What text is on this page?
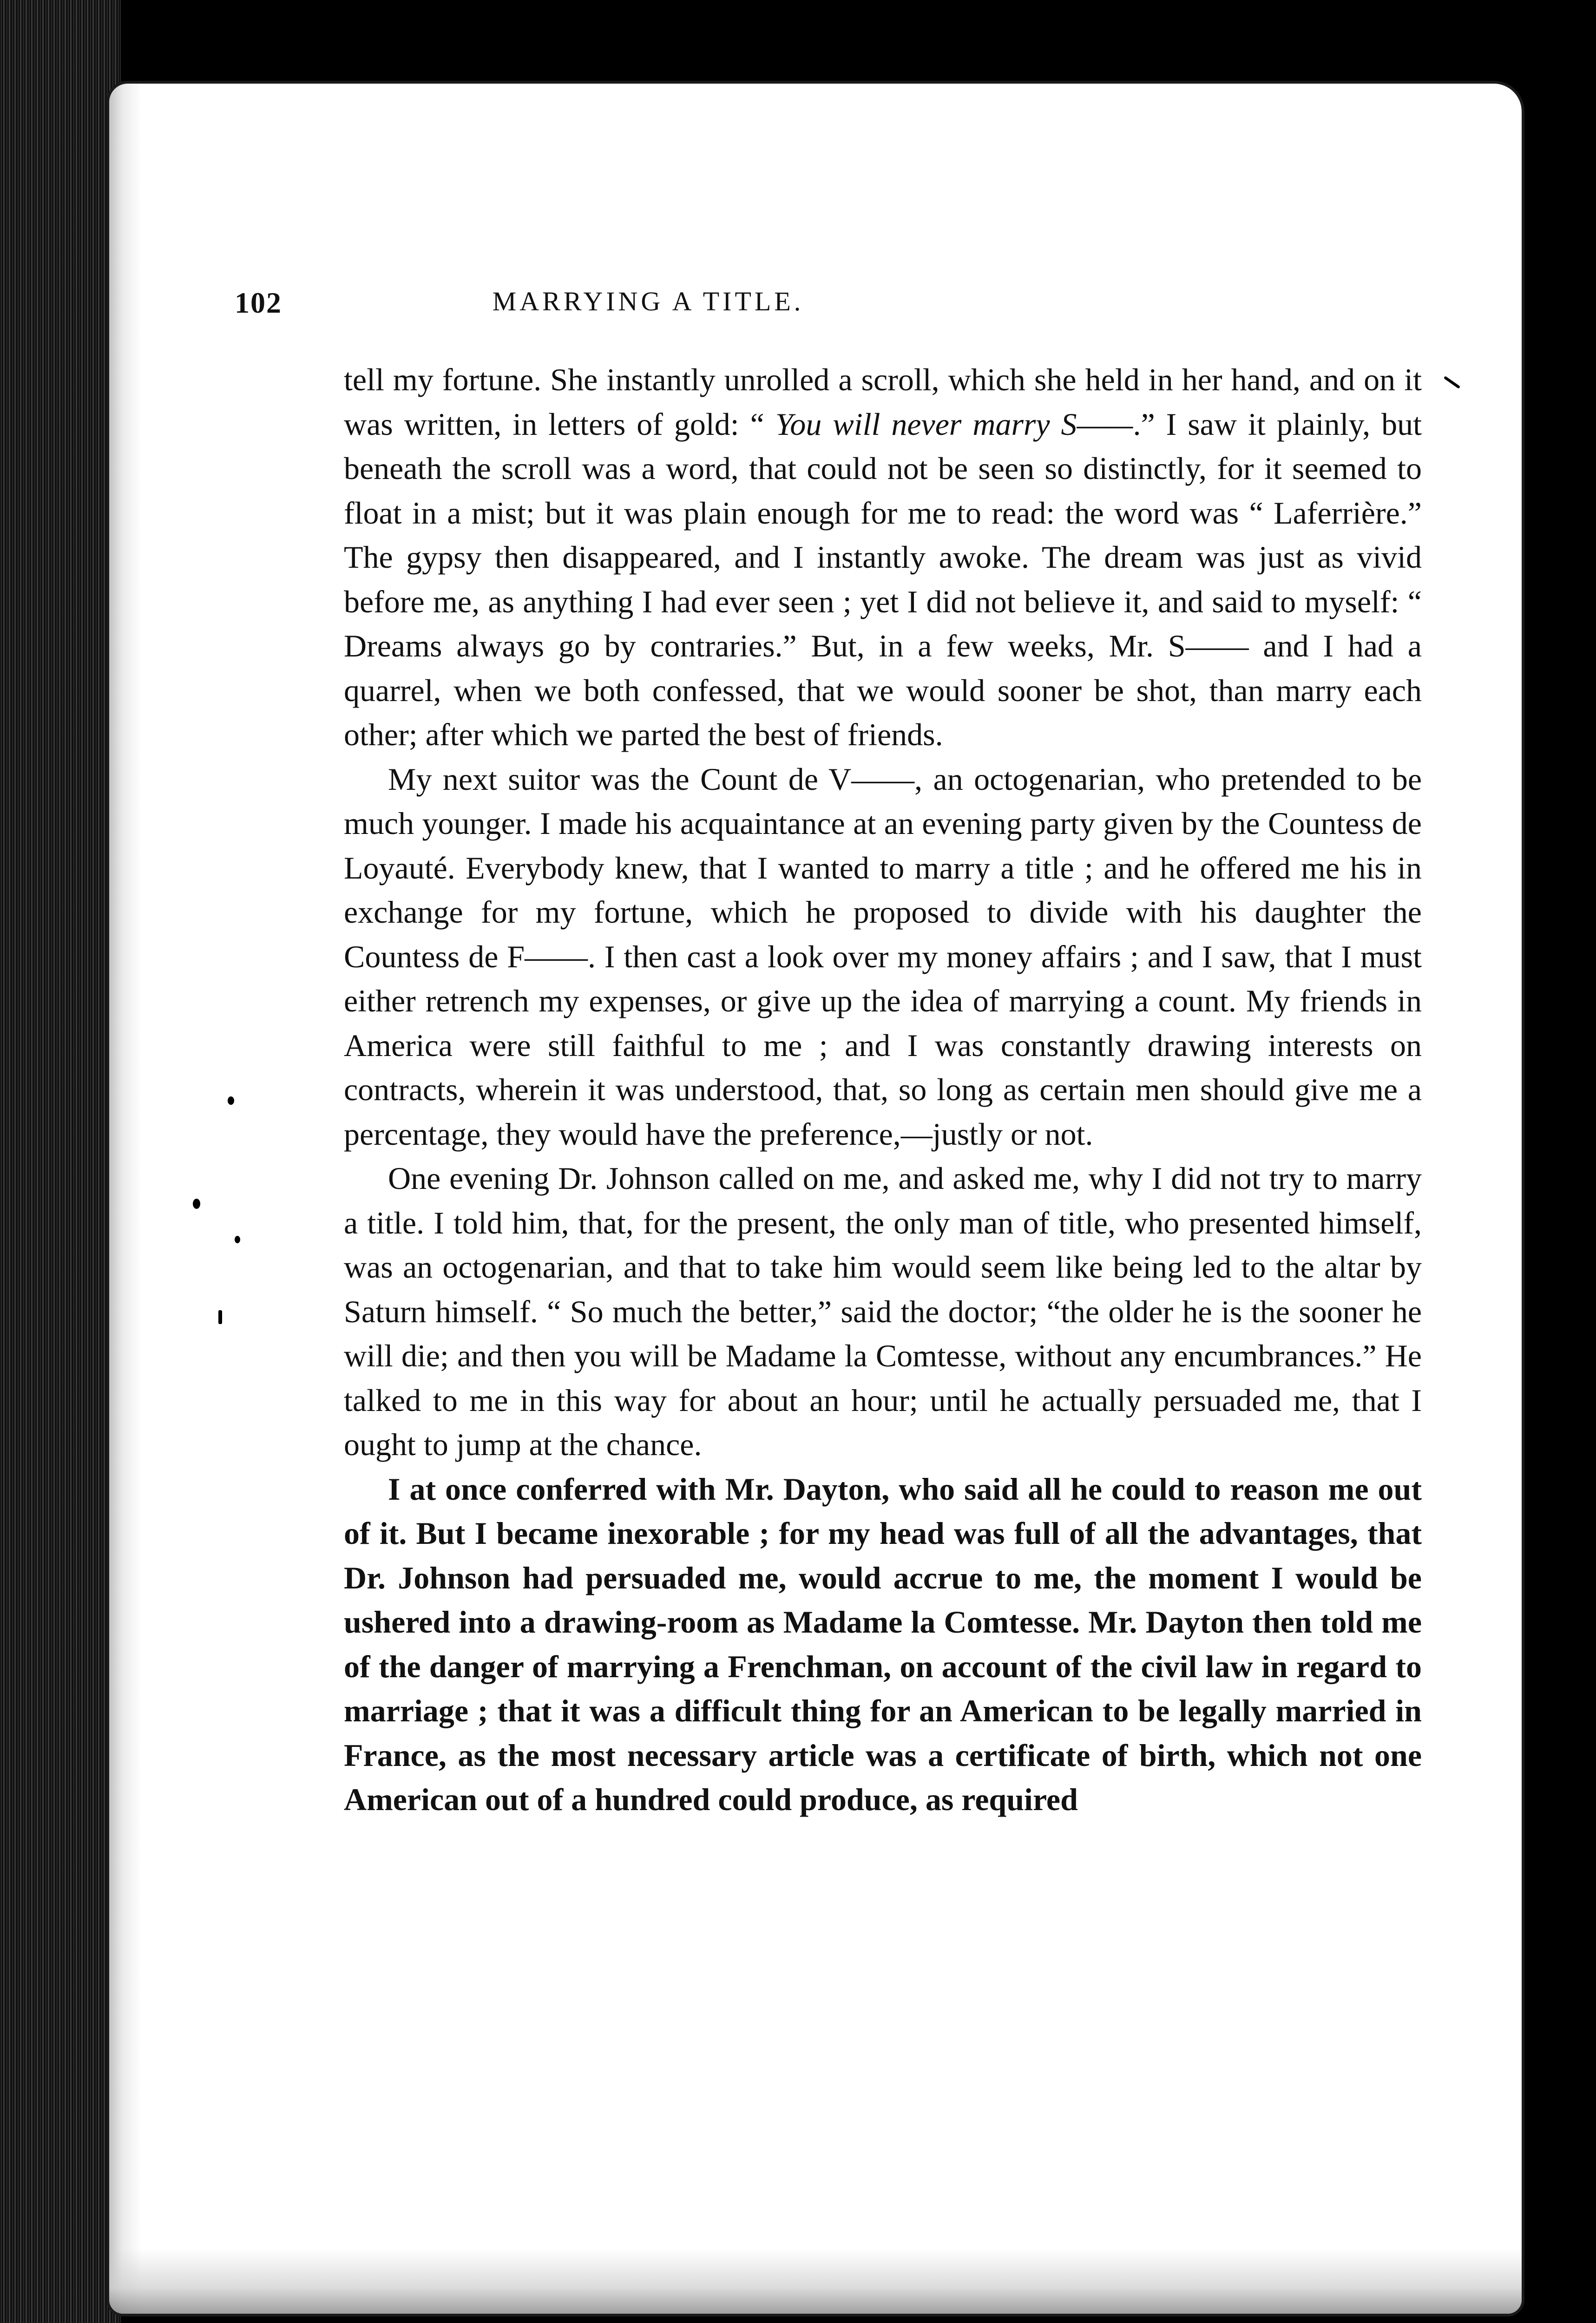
102	MARRYING A TITLE.

tell my fortune. She instantly unrolled a scroll, which she held in her hand, and on it was written, in letters of gold: “ You will never marry S——.” I saw it plainly, but beneath the scroll was a word, that could not be seen so distinctly, for it seemed to float in a mist; but it was plain enough for me to read: the word was “ Laferrière.” The gypsy then disappeared, and I instantly awoke. The dream was just as vivid before me, as anything I had ever seen ; yet I did not believe it, and said to myself: “ Dreams always go by contraries.” But, in a few weeks, Mr. S—— and I had a quarrel, when we both confessed, that we would sooner be shot, than marry each other; after which we parted the best of friends.

My next suitor was the Count de V——, an octogenarian, who pretended to be much younger. I made his acquaintance at an evening party given by the Countess de Loyauté. Everybody knew, that I wanted to marry a title ; and he offered me his in exchange for my fortune, which he proposed to divide with his daughter the Countess de F——. I then cast a look over my money affairs ; and I saw, that I must either retrench my expenses, or give up the idea of marrying a count. My friends in America were still faithful to me ; and I was constantly drawing interests on contracts, wherein it was understood, that, so long as certain men should give me a percentage, they would have the preference,—justly or not.

One evening Dr. Johnson called on me, and asked me, why I did not try to marry a title. I told him, that, for the present, the only man of title, who presented himself, was an octogenarian, and that to take him would seem like being led to the altar by Saturn himself. “ So much the better,” said the doctor; “the older he is the sooner he will die; and then you will be Madame la Comtesse, without any encumbrances.” He talked to me in this way for about an hour; until he actually persuaded me, that I ought to jump at the chance.

I at once conferred with Mr. Dayton, who said all he could to reason me out of it. But I became inexorable ; for my head was full of all the advantages, that Dr. Johnson had persuaded me, would accrue to me, the moment I would be ushered into a drawing-room as Madame la Comtesse. Mr. Dayton then told me of the danger of marrying a Frenchman, on account of the civil law in regard to marriage ; that it was a difficult thing for an American to be legally married in France, as the most necessary article was a certificate of birth, which not one American out of a hundred could produce, as required
